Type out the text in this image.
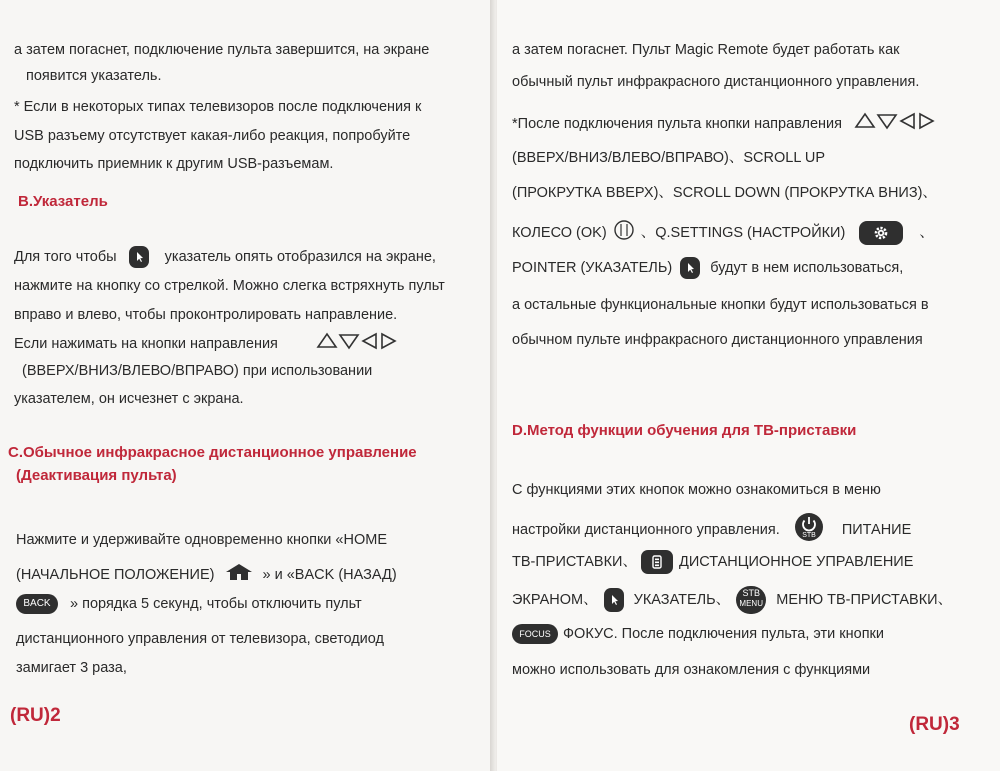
а затем погаснет, подключение пульта завершится, на экране
появится указатель.
* Если в некоторых типах телевизоров после подключения к
USB разъему отсутствует какая-либо реакция, попробуйте
подключить приемник к другим USB-разъемам.
B.Указатель
Для того чтобы	указатель опять отобразился на экране,
нажмите на кнопку со стрелкой. Можно слегка встряхнуть пульт
вправо и влево, чтобы проконтролировать направление.
Если нажимать на кнопки направления
(ВВЕРХ/ВНИЗ/ВЛЕВО/ВПРАВО) при использовании
указателем, он исчезнет с экрана.
C.Обычное инфракрасное дистанционное управление
(Деактивация пульта)
Нажмите и удерживайте одновременно кнопки «HOME
(НАЧАЛЬНОЕ ПОЛОЖЕНИЕ)	» и «BACK (НАЗАД)
BACK » порядка 5 секунд, чтобы отключить пульт
дистанционного управления от телевизора, светодиод
замигает 3 раза,
(RU)2
а затем погаснет. Пульт Magic Remote будет работать как
обычный пульт инфракрасного дистанционного управления.
*После подключения пульта кнопки направления
(ВВЕРХ/ВНИЗ/ВЛЕВО/ВПРАВО)、SCROLL UP
(ПРОКРУТКА ВВЕРХ)、SCROLL DOWN (ПРОКРУТКА ВНИЗ)、
КОЛЕСО (OK) 、Q.SETTINGS (НАСТРОЙКИ)	、
POINTER (УКАЗАТЕЛЬ)	будут в нем использоваться,
а остальные функциональные кнопки будут использоваться в
обычном пульте инфракрасного дистанционного управления
D.Метод функции обучения для ТВ-приставки
С функциями этих кнопок можно ознакомиться в меню
настройки дистанционного управления.	STB ПИТАНИЕ
ТВ-ПРИСТАВКИ、	ДИСТАНЦИОННОЕ УПРАВЛЕНИЕ
ЭКРАНОМ、 УКАЗАТЕЛЬ、	STB
MENU МЕНЮ ТВ-ПРИСТАВКИ、
FOCUS ФОКУС. После подключения пульта, эти кнопки
можно использовать для ознакомления с функциями
(RU)3
